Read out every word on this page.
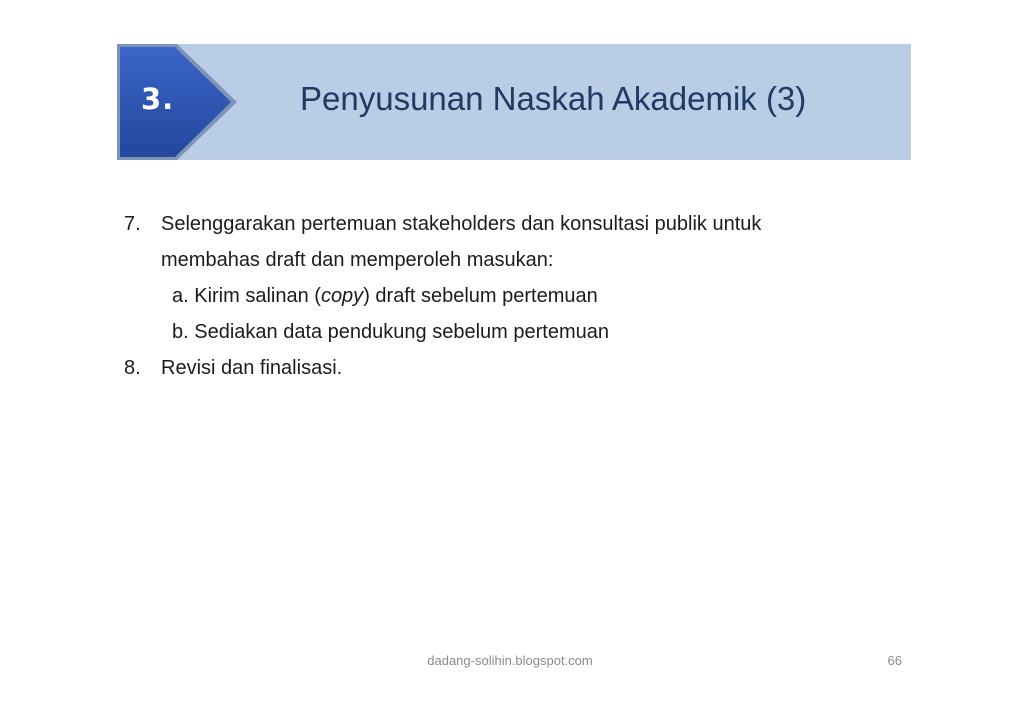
3.	Penyusunan Naskah Akademik (3)
7.	Selenggarakan pertemuan stakeholders dan konsultasi publik untuk
membahas draft dan memperoleh masukan:
a. Kirim salinan (copy) draft sebelum pertemuan
b. Sediakan data pendukung sebelum pertemuan
8.	Revisi dan finalisasi.
dadang-solihin.blogspot.com	66
